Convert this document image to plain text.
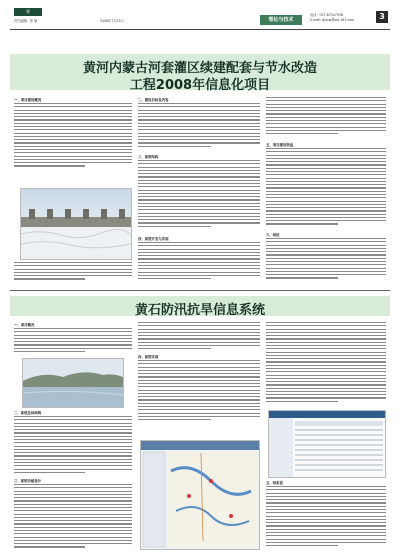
鄂
责任编辑：张 敏	2008年7月23日	理论与技术
电话：027-87547336
E-mail: ghjsw@vip.163.com	3
黄河内蒙古河套灌区续建配套与节水改造
工程2008年信息化项目
一、项目建设概况	二、建设目标及内容
三、系统结构
四、系统开发与实现
五、项目建设效益
六、结论
黄石防汛抗旱信息系统
一、项目概况
二、系统总体结构
三、系统功能设计
四、系统实现
五、结束语
